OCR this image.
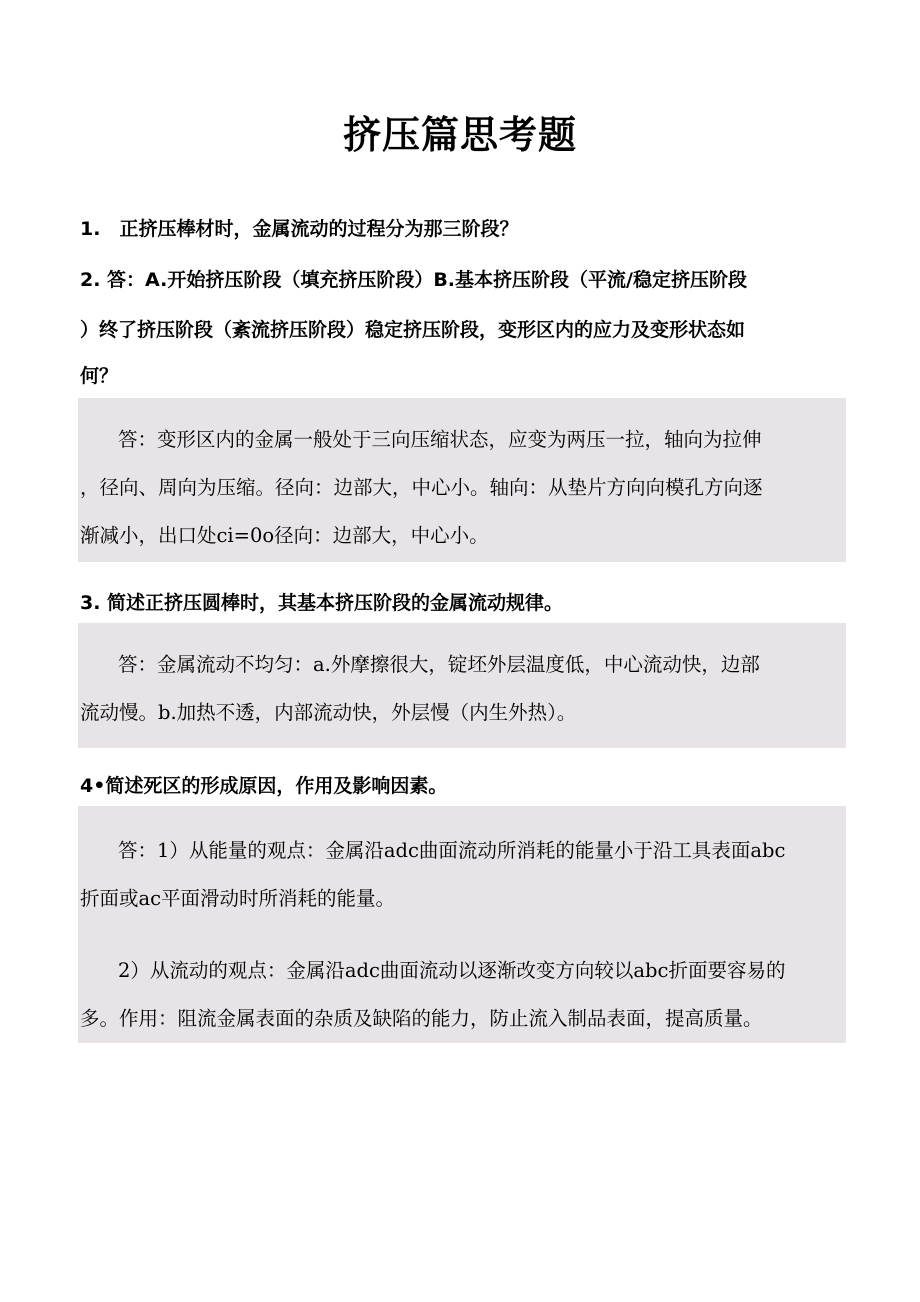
挤压篇思考题
1.　正挤压棒材时，金属流动的过程分为那三阶段？
2. 答：A.开始挤压阶段（填充挤压阶段）B.基本挤压阶段（平流/稳定挤压阶段
）终了挤压阶段（紊流挤压阶段）稳定挤压阶段，变形区内的应力及变形状态如
何？
答：变形区内的金属一般处于三向压缩状态，应变为两压一拉，轴向为拉伸
，径向、周向为压缩。径向：边部大，中心小。轴向：从垫片方向向模孔方向逐
渐减小，出口处ci=0o径向：边部大，中心小。
3. 简述正挤压圆棒时，其基本挤压阶段的金属流动规律。
答：金属流动不均匀：a.外摩擦很大，锭坯外层温度低，中心流动快，边部
流动慢。b.加热不透，内部流动快，外层慢（内生外热）。
4•简述死区的形成原因，作用及影响因素。
答：1）从能量的观点：金属沿adc曲面流动所消耗的能量小于沿工具表面abc
折面或ac平面滑动时所消耗的能量。
2）从流动的观点：金属沿adc曲面流动以逐渐改变方向较以abc折面要容易的
多。作用：阻流金属表面的杂质及缺陷的能力，防止流入制品表面，提高质量。
